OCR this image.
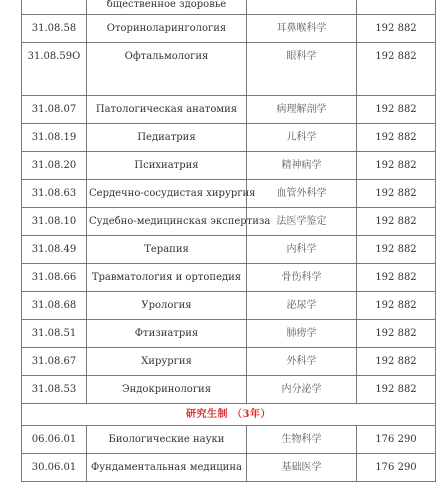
	бщественное здоровье		

31.08.58	Оториноларингология	耳鼻喉科学	192 882
31.08.59О	Офтальмология	眼科学	192 882
31.08.07	Патологическая анатомия	病理解剖学	192 882
31.08.19	Педиатрия	儿科学	192 882
31.08.20	Психиатрия	精神病学	192 882
31.08.63	Сердечно-сосудистая хирургия	血管外科学	192 882
31.08.10	Судебно-медицинская экспертиза	法医学鉴定	192 882
31.08.49	Терапия	内科学	192 882
31.08.66	Травматология и ортопедия	骨伤科学	192 882
31.08.68	Урология	泌尿学	192 882
31.08.51	Фтизиатрия	肺痨学	192 882
31.08.67	Хирургия	外科学	192 882
31.08.53	Эндокринология	内分泌学	192 882
研究生制 （3年）			
06.06.01	Биологические науки	生物科学	176 290
30.06.01	Фундаментальная медицина	基础医学	176 290
